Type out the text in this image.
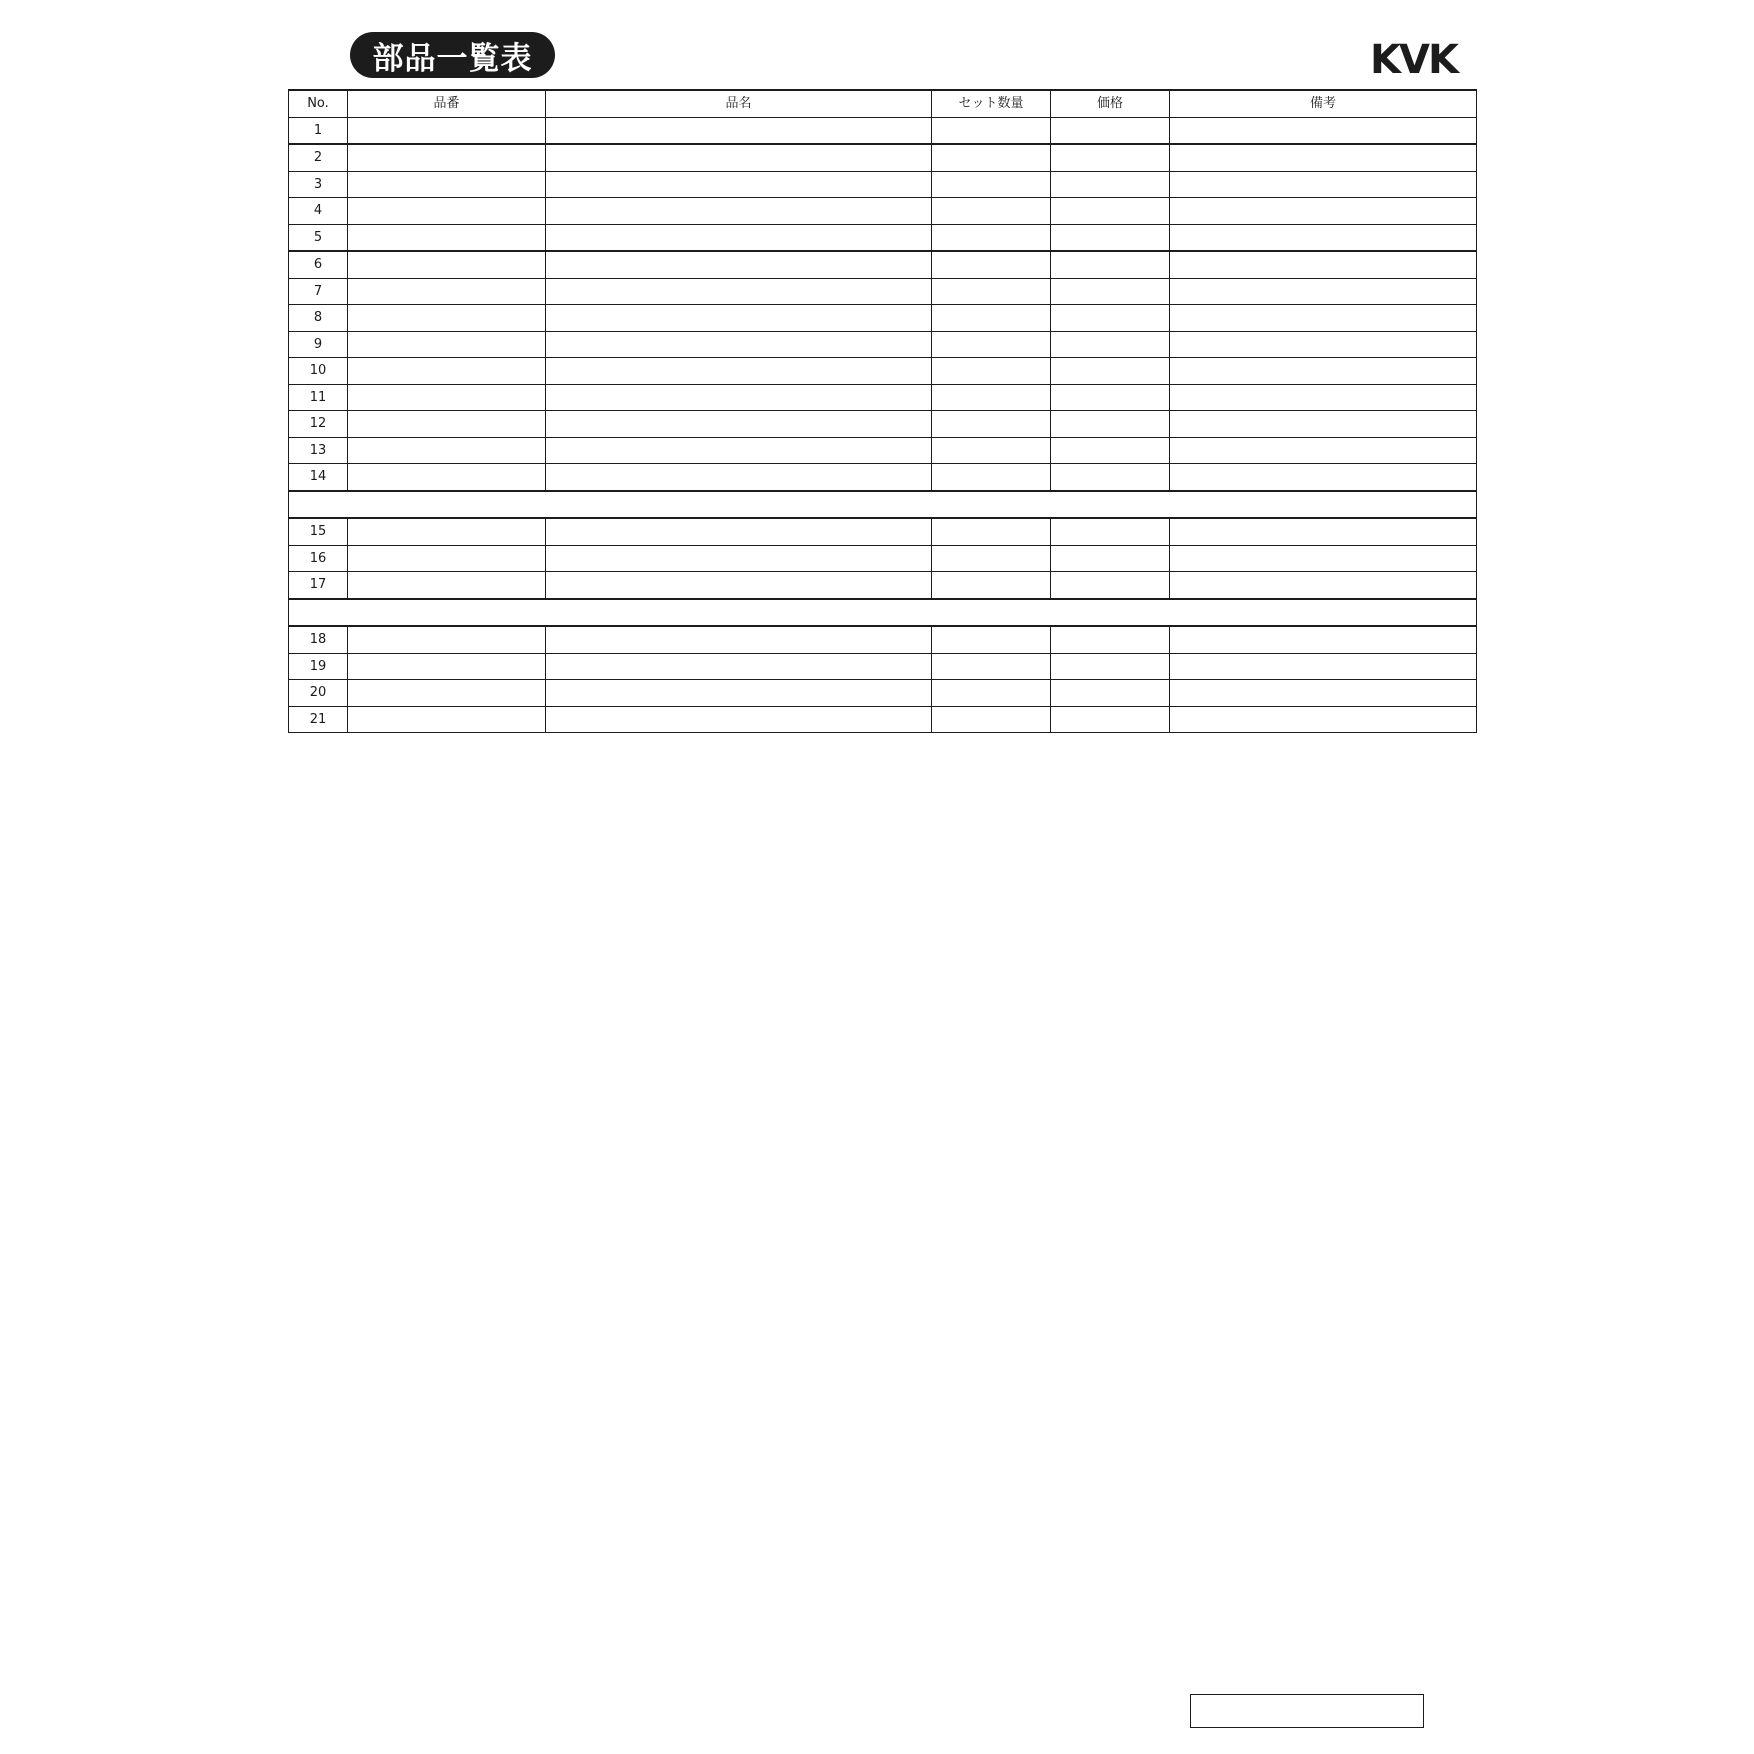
部品一覧表	KVK
No.	品番	品名	セット数量	価格	備考
1					
2					
3					
4					
5					
6					
7					
8					
9					
10					
11					
12					
13					
14					

15					
16					
17					

18					
19					
20					
21					
